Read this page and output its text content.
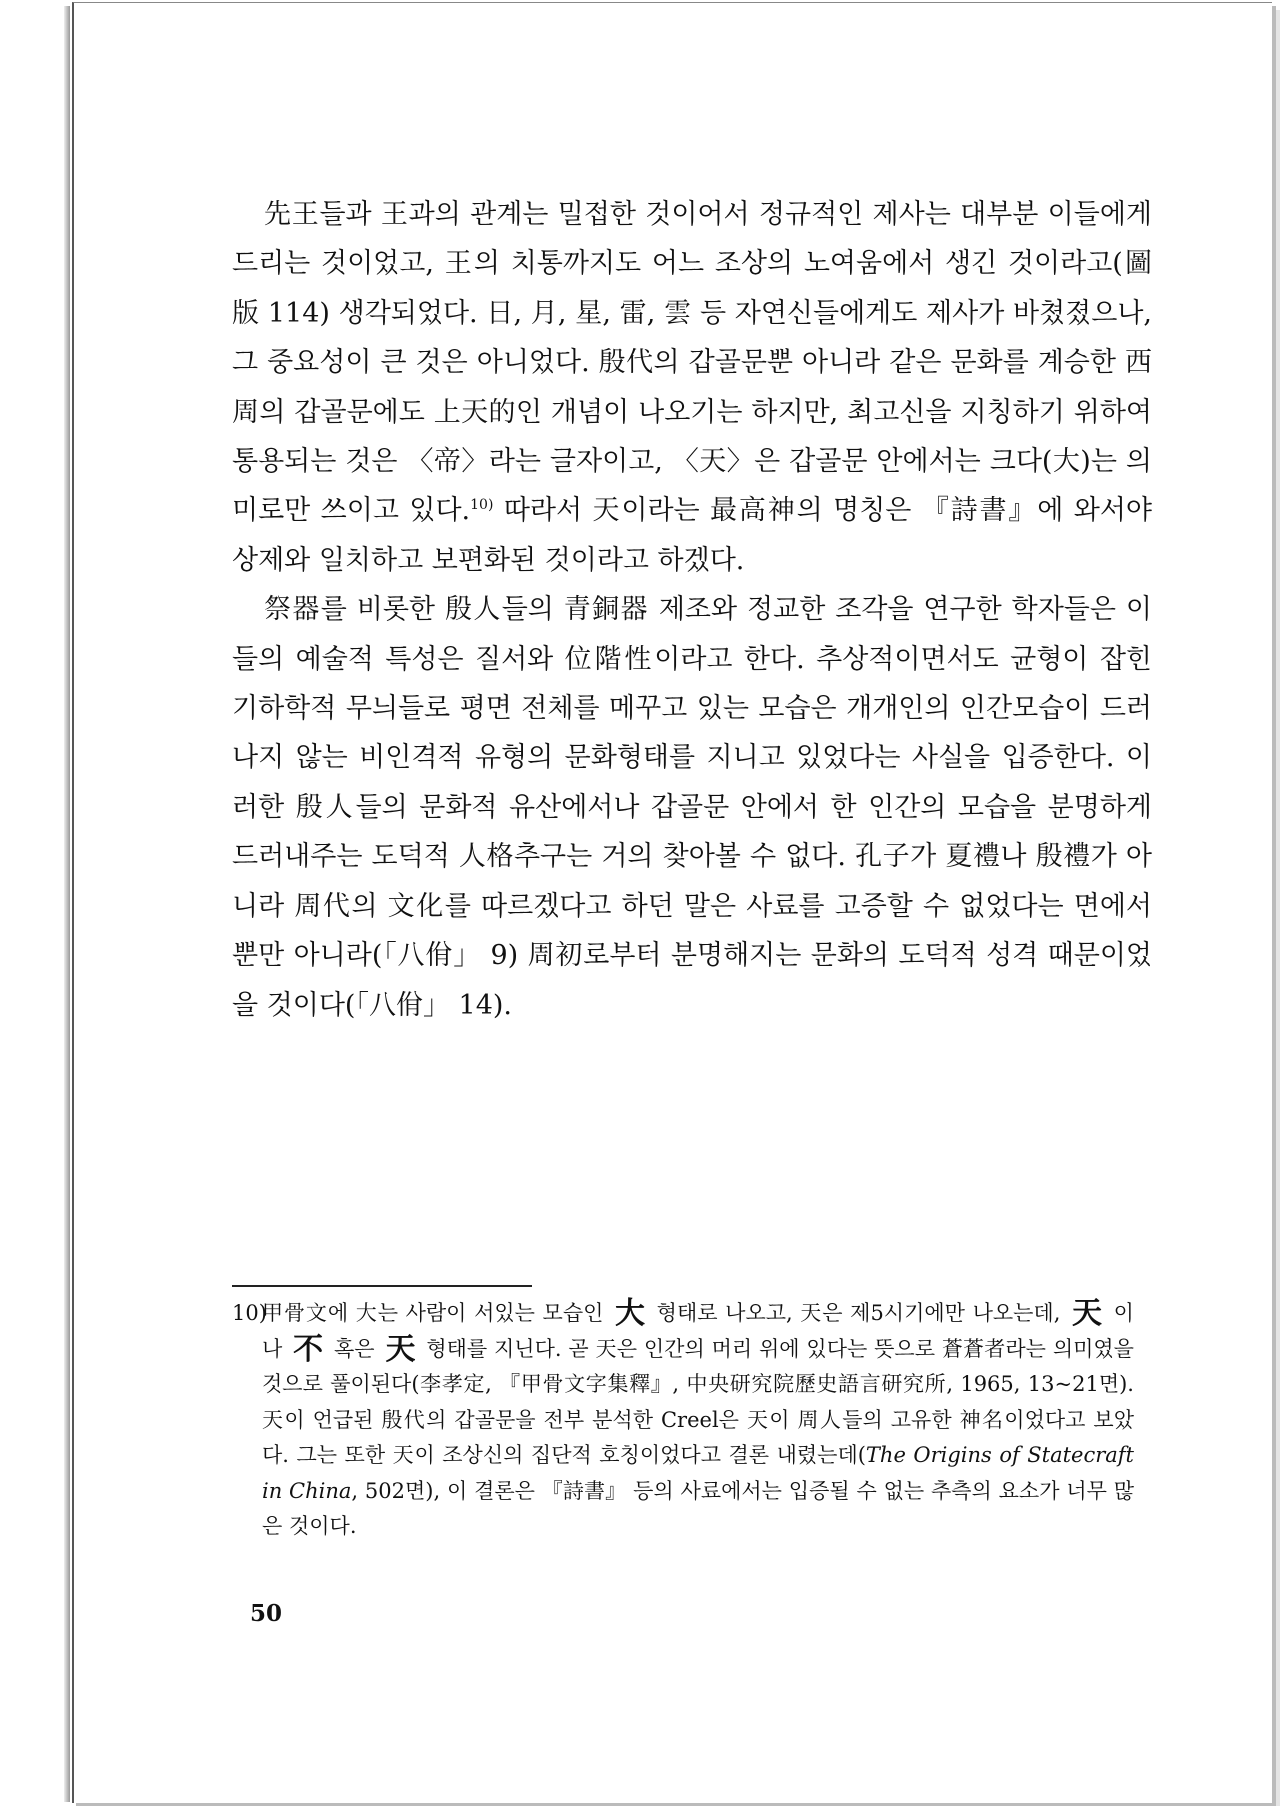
先王들과 王과의 관계는 밀접한 것이어서 정규적인 제사는 대부분 이들에게 드리는 것이었고, 王의 치통까지도 어느 조상의 노여움에서 생긴 것이라고(圖版 114) 생각되었다. 日, 月, 星, 雷, 雲 등 자연신들에게도 제사가 바쳤졌으나, 그 중요성이 큰 것은 아니었다. 殷代의 갑골문뿐 아니라 같은 문화를 계승한 西周의 갑골문에도 上天的인 개념이 나오기는 하지만, 최고신을 지칭하기 위하여 통용되는 것은 〈帝〉라는 글자이고, 〈天〉은 갑골문 안에서는 크다(大)는 의미로만 쓰이고 있다.$^{10)}$ 따라서 天이라는 最高神의 명칭은 『詩書』에 와서야 상제와 일치하고 보편화된 것이라고 하겠다.

祭器를 비롯한 殷人들의 青銅器 제조와 정교한 조각을 연구한 학자들은 이들의 예술적 특성은 질서와 位階性이라고 한다. 추상적이면서도 균형이 잡힌 기하학적 무늬들로 평면 전체를 메꾸고 있는 모습은 개개인의 인간모습이 드러나지 않는 비인격적 유형의 문화형태를 지니고 있었다는 사실을 입증한다. 이러한 殷人들의 문화적 유산에서나 갑골문 안에서 한 인간의 모습을 분명하게 드러내주는 도덕적 人格추구는 거의 찾아볼 수 없다. 孔子가 夏禮나 殷禮가 아니라 周代의 文化를 따르겠다고 하던 말은 사료를 고증할 수 없었다는 면에서뿐만 아니라(「八佾」 9) 周初로부터 분명해지는 문화의 도덕적 성격 때문이었을 것이다(「八佾」 14).

10)
甲骨文에 大는 사람이 서있는 모습인 大 형태로 나오고, 天은 제5시기에만 나오는데, 天 이나 不 혹은 天 형태를 지닌다. 곧 天은 인간의 머리 위에 있다는 뜻으로 蒼蒼者라는 의미였을 것으로 풀이된다(李孝定, 『甲骨文字集釋』, 中央研究院歷史語言研究所, 1965, 13~21면). 天이 언급된 殷代의 갑골문을 전부 분석한 Creel은 天이 周人들의 고유한 神名이었다고 보았다. 그는 또한 天이 조상신의 집단적 호칭이었다고 결론 내렸는데(The Origins of Statecraft in China, 502면), 이 결론은 『詩書』 등의 사료에서는 입증될 수 없는 추측의 요소가 너무 많은 것이다.
50
